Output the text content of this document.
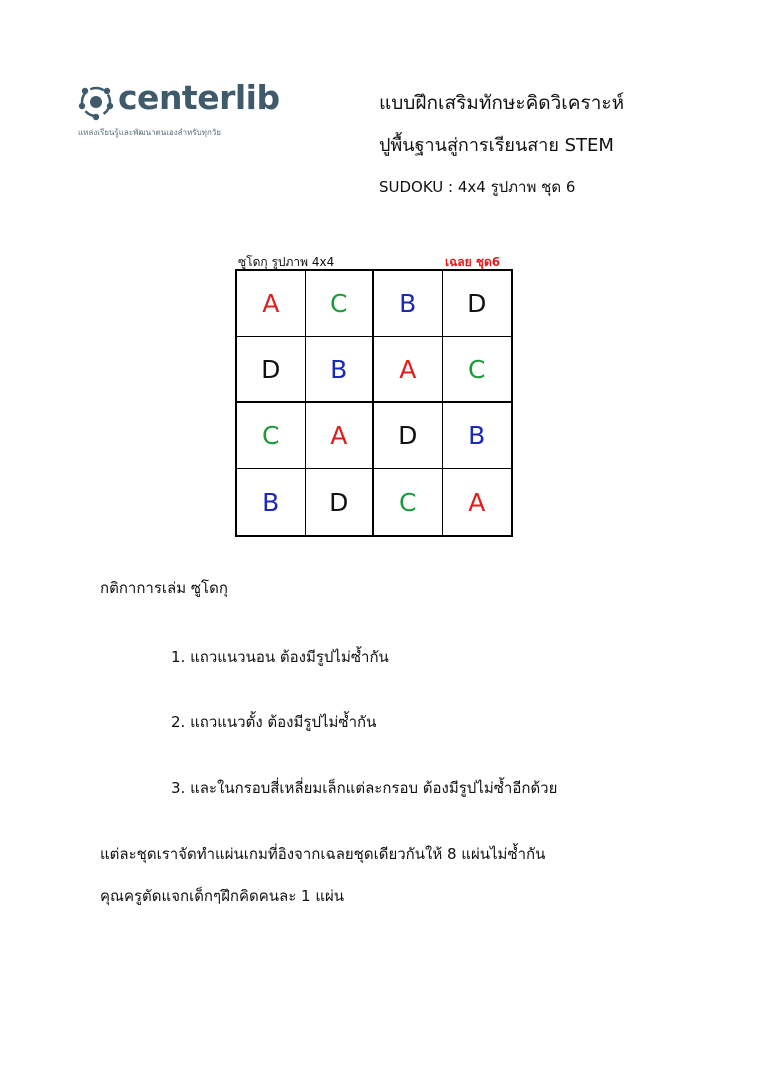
centerlib
แหล่งเรียนรู้และพัฒนาตนเองสำหรับทุกวัย
แบบฝึกเสริมทักษะคิดวิเคราะห์
ปูพื้นฐานสู่การเรียนสาย STEM
SUDOKU : 4x4 รูปภาพ ชุด 6
ซูโดกุ รูปภาพ 4x4	เฉลย ชุด6
A	C	B	D
D	B	A	C
C	A	D	B
B	D	C	A
กติกาการเล่ม ซูโดกุ
1. แถวแนวนอน ต้องมีรูปไม่ซ้ำกัน
2. แถวแนวตั้ง ต้องมีรูปไม่ซ้ำกัน
3. และในกรอบสี่เหลี่ยมเล็กแต่ละกรอบ ต้องมีรูปไม่ซ้ำอีกด้วย
แต่ละชุดเราจัดทำแผ่นเกมที่อิงจากเฉลยชุดเดียวกันให้ 8 แผ่นไม่ซ้ำกัน
คุณครูตัดแจกเด็กๆฝึกคิดคนละ 1 แผ่น
